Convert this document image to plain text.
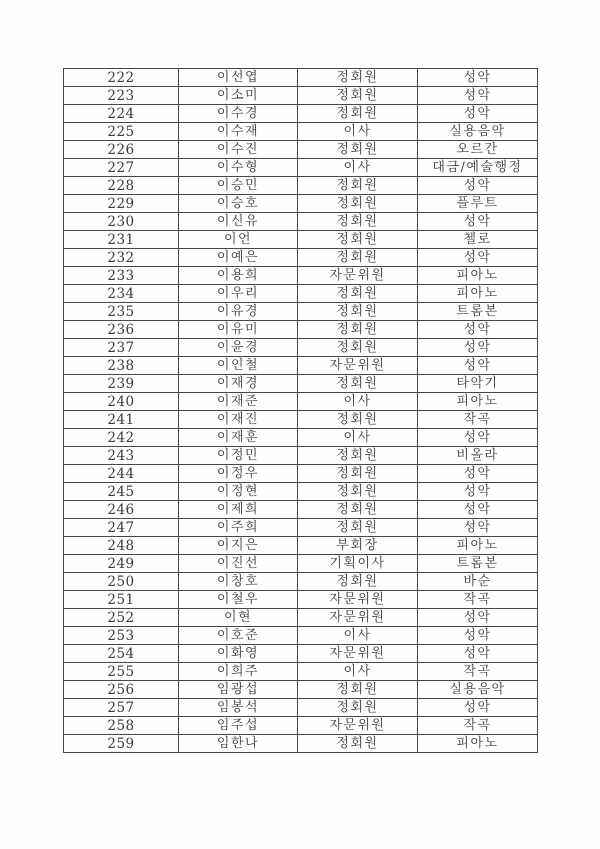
222	이선엽	정회원	성악
223	이소미	정회원	성악
224	이수경	정회원	성악
225	이수재	이사	실용음악
226	이수진	정회원	오르간
227	이수형	이사	대금/예술행정
228	이승민	정회원	성악
229	이승호	정회원	플루트
230	이신유	정회원	성악
231	이언	정회원	첼로
232	이예은	정회원	성악
233	이용희	자문위원	피아노
234	이우리	정회원	피아노
235	이유경	정회원	트롬본
236	이유미	정회원	성악
237	이윤경	정회원	성악
238	이인철	자문위원	성악
239	이재경	정회원	타악기
240	이재준	이사	피아노
241	이재진	정회원	작곡
242	이재훈	이사	성악
243	이정민	정회원	비올라
244	이정우	정회원	성악
245	이정현	정회원	성악
246	이제희	정회원	성악
247	이주희	정회원	성악
248	이지은	부회장	피아노
249	이진선	기획이사	트롬본
250	이창호	정회원	바순
251	이철우	자문위원	작곡
252	이현	자문위원	성악
253	이호준	이사	성악
254	이화영	자문위원	성악
255	이희주	이사	작곡
256	임광섭	정회원	실용음악
257	임봉석	정회원	성악
258	임주섭	자문위원	작곡
259	임한나	정회원	피아노
